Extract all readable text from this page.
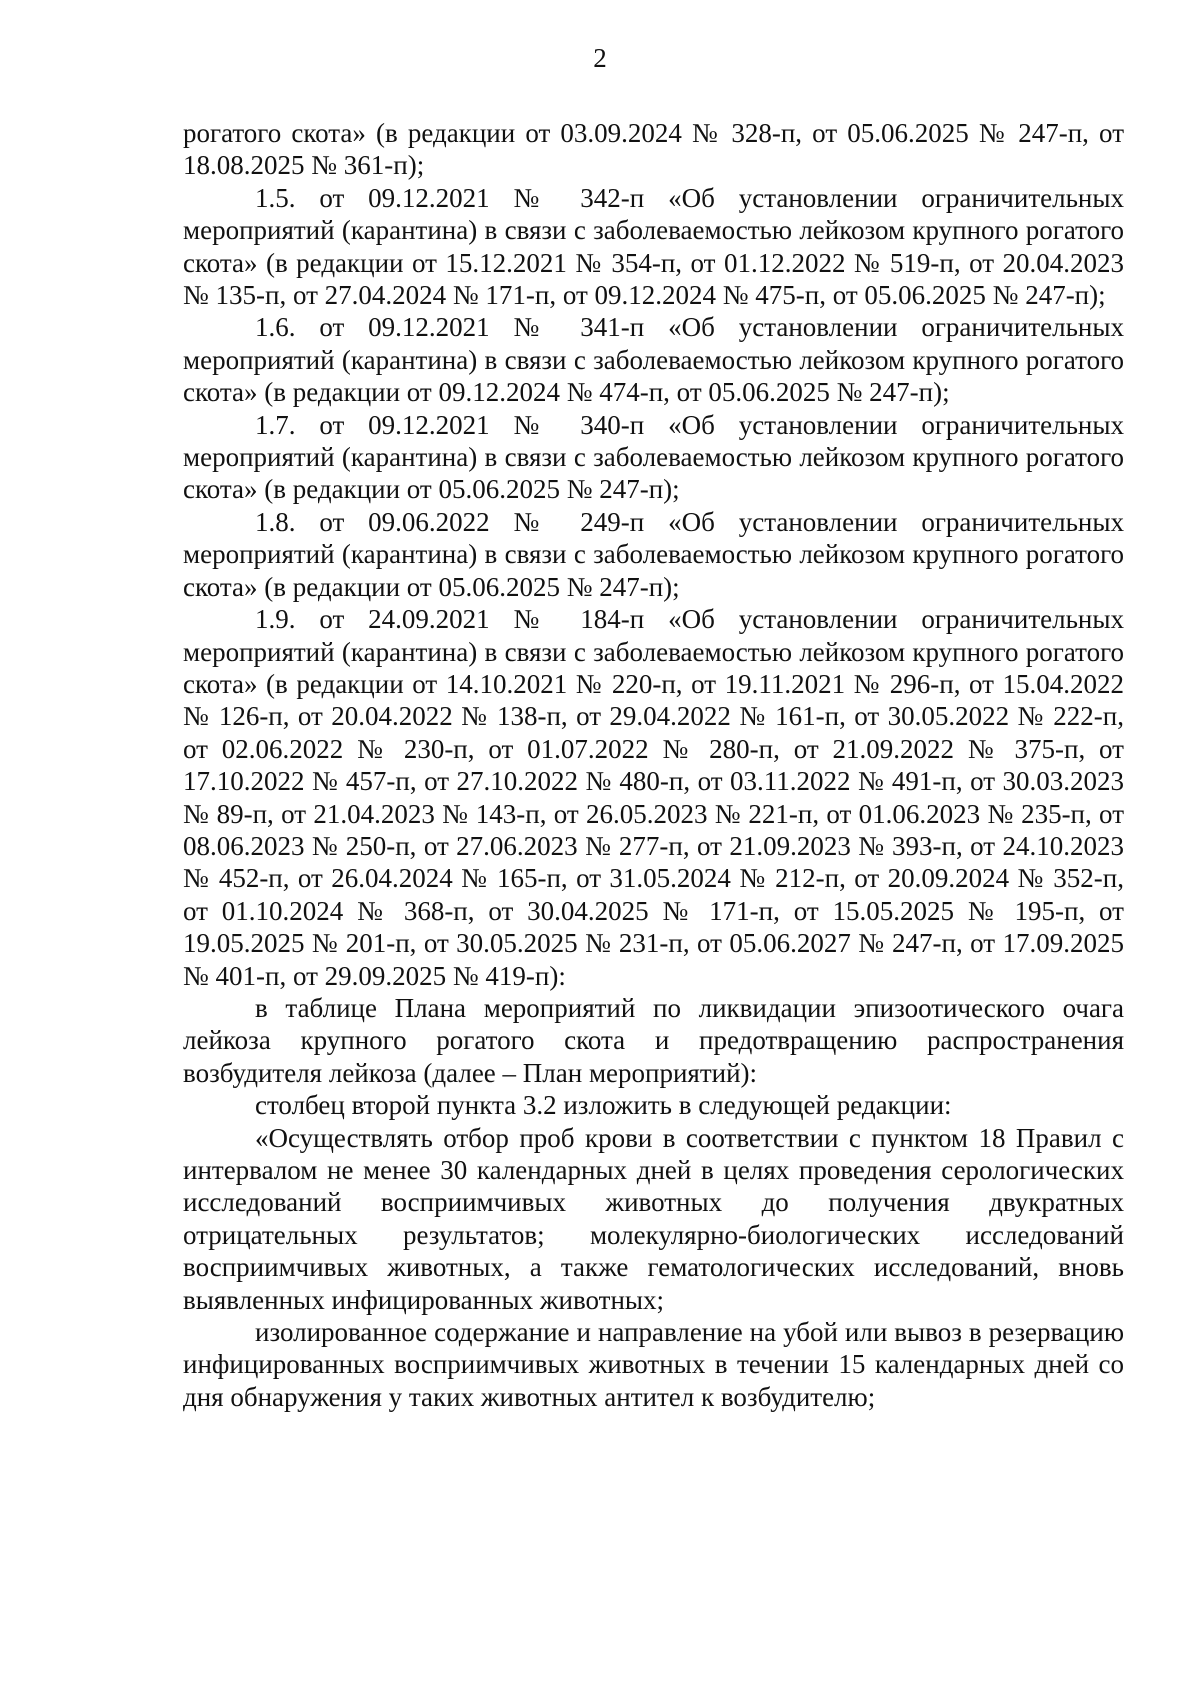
2

рогатого скота» (в редакции от 03.09.2024 № 328-п, от 05.06.2025 № 247-п, от 18.08.2025 № 361-п);

1.5. от 09.12.2021 № 342-п «Об установлении ограничительных мероприятий (карантина) в связи с заболеваемостью лейкозом крупного рогатого скота» (в редакции от 15.12.2021 № 354-п, от 01.12.2022 № 519-п, от 20.04.2023 № 135-п, от 27.04.2024 № 171-п, от 09.12.2024 № 475-п, от 05.06.2025 № 247-п);

1.6. от 09.12.2021 № 341-п «Об установлении ограничительных мероприятий (карантина) в связи с заболеваемостью лейкозом крупного рогатого скота» (в редакции от 09.12.2024 № 474-п, от 05.06.2025 № 247-п);

1.7. от 09.12.2021 № 340-п «Об установлении ограничительных мероприятий (карантина) в связи с заболеваемостью лейкозом крупного рогатого скота» (в редакции от 05.06.2025 № 247-п);

1.8. от 09.06.2022 № 249-п «Об установлении ограничительных мероприятий (карантина) в связи с заболеваемостью лейкозом крупного рогатого скота» (в редакции от 05.06.2025 № 247-п);

1.9. от 24.09.2021 № 184-п «Об установлении ограничительных мероприятий (карантина) в связи с заболеваемостью лейкозом крупного рогатого скота» (в редакции от 14.10.2021 № 220-п, от 19.11.2021 № 296-п, от 15.04.2022 № 126-п, от 20.04.2022 № 138-п, от 29.04.2022 № 161-п, от 30.05.2022 № 222-п, от 02.06.2022 № 230-п, от 01.07.2022 № 280-п, от 21.09.2022 № 375-п, от 17.10.2022 № 457-п, от 27.10.2022 № 480-п, от 03.11.2022 № 491-п, от 30.03.2023 № 89-п, от 21.04.2023 № 143-п, от 26.05.2023 № 221-п, от 01.06.2023 № 235-п, от 08.06.2023 № 250-п, от 27.06.2023 № 277-п, от 21.09.2023 № 393-п, от 24.10.2023 № 452-п, от 26.04.2024 № 165-п, от 31.05.2024 № 212-п, от 20.09.2024 № 352-п, от 01.10.2024 № 368-п, от 30.04.2025 № 171-п, от 15.05.2025 № 195-п, от 19.05.2025 № 201-п, от 30.05.2025 № 231-п, от 05.06.2027 № 247-п, от 17.09.2025 № 401-п, от 29.09.2025 № 419-п):

в таблице Плана мероприятий по ликвидации эпизоотического очага лейкоза крупного рогатого скота и предотвращению распространения возбудителя лейкоза (далее – План мероприятий):

столбец второй пункта 3.2 изложить в следующей редакции:

«Осуществлять отбор проб крови в соответствии с пунктом 18 Правил с интервалом не менее 30 календарных дней в целях проведения серологических исследований восприимчивых животных до получения двукратных отрицательных результатов; молекулярно-биологических исследований восприимчивых животных, а также гематологических исследований, вновь выявленных инфицированных животных;

изолированное содержание и направление на убой или вывоз в резервацию инфицированных восприимчивых животных в течении 15 календарных дней со дня обнаружения у таких животных антител к возбудителю;
